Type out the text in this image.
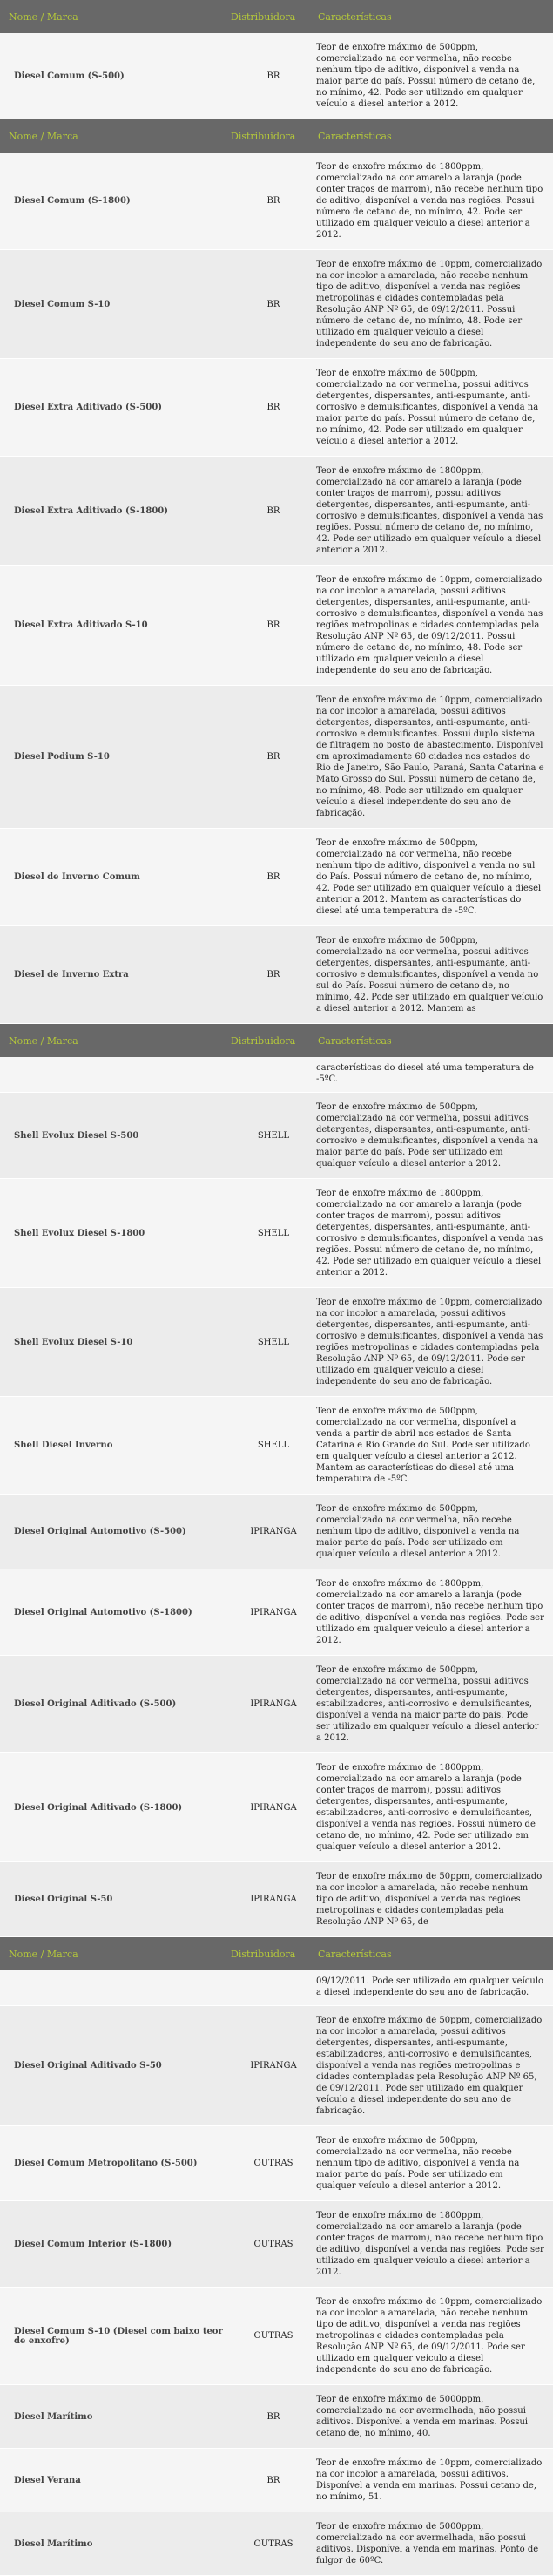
Nome / Marca	Distribuidora	Características
Diesel Comum (S-500)	BR
Teor de enxofre máximo de 500ppm, comercializado na cor vermelha, não recebe nenhum tipo de aditivo, disponível a venda na maior parte do país. Possui número de cetano de, no mínimo, 42. Pode ser utilizado em qualquer veículo a diesel anterior a 2012.
Nome / Marca	Distribuidora	Características
Diesel Comum (S-1800)	BR
Teor de enxofre máximo de 1800ppm, comercializado na cor amarelo a laranja (pode conter traços de marrom), não recebe nenhum tipo de aditivo, disponível a venda nas regiões. Possui número de cetano de, no mínimo, 42. Pode ser utilizado em qualquer veículo a diesel anterior a 2012.
Diesel Comum S-10	BR
Teor de enxofre máximo de 10ppm, comercializado na cor incolor a amarelada, não recebe nenhum tipo de aditivo, disponível a venda nas regiões metropolinas e cidades contempladas pela Resolução ANP Nº 65, de 09/12/2011. Possui número de cetano de, no mínimo, 48. Pode ser utilizado em qualquer veículo a diesel independente do seu ano de fabricação.
Diesel Extra Aditivado (S-500)	BR
Teor de enxofre máximo de 500ppm, comercializado na cor vermelha, possui aditivos detergentes, dispersantes, anti-espumante, anti-corrosivo e demulsificantes, disponível a venda na maior parte do país. Possui número de cetano de, no mínimo, 42. Pode ser utilizado em qualquer veículo a diesel anterior a 2012.
Diesel Extra Aditivado (S-1800)	BR
Teor de enxofre máximo de 1800ppm, comercializado na cor amarelo a laranja (pode conter traços de marrom), possui aditivos detergentes, dispersantes, anti-espumante, anti-corrosivo e demulsificantes, disponível a venda nas regiões. Possui número de cetano de, no mínimo, 42. Pode ser utilizado em qualquer veículo a diesel anterior a 2012.
Diesel Extra Aditivado S-10	BR
Teor de enxofre máximo de 10ppm, comercializado na cor incolor a amarelada, possui aditivos detergentes, dispersantes, anti-espumante, anti-corrosivo e demulsificantes, disponível a venda nas regiões metropolinas e cidades contempladas pela Resolução ANP Nº 65, de 09/12/2011. Possui número de cetano de, no mínimo, 48. Pode ser utilizado em qualquer veículo a diesel independente do seu ano de fabricação.
Diesel Podium S-10	BR
Teor de enxofre máximo de 10ppm, comercializado na cor incolor a amarelada, possui aditivos detergentes, dispersantes, anti-espumante, anti-corrosivo e demulsificantes. Possui duplo sistema de filtragem no posto de abastecimento. Disponível em aproximadamente 60 cidades nos estados do Rio de Janeiro, São Paulo, Paraná, Santa Catarina e Mato Grosso do Sul. Possui número de cetano de, no mínimo, 48. Pode ser utilizado em qualquer veículo a diesel independente do seu ano de fabricação.
Diesel de Inverno Comum	BR
Teor de enxofre máximo de 500ppm, comercializado na cor vermelha, não recebe nenhum tipo de aditivo, disponível a venda no sul do País. Possui número de cetano de, no mínimo, 42. Pode ser utilizado em qualquer veículo a diesel anterior a 2012. Mantem as características do diesel até uma temperatura de -5ºC.
Diesel de Inverno Extra	BR
Teor de enxofre máximo de 500ppm, comercializado na cor vermelha, possui aditivos detergentes, dispersantes, anti-espumante, anti-corrosivo e demulsificantes, disponível a venda no sul do País. Possui número de cetano de, no mínimo, 42. Pode ser utilizado em qualquer veículo a diesel anterior a 2012. Mantem as
Nome / Marca	Distribuidora	Características
características do diesel até uma temperatura de -5ºC.
Shell Evolux Diesel S-500	SHELL
Teor de enxofre máximo de 500ppm, comercializado na cor vermelha, possui aditivos detergentes, dispersantes, anti-espumante, anti-corrosivo e demulsificantes, disponível a venda na maior parte do país. Pode ser utilizado em qualquer veículo a diesel anterior a 2012.
Shell Evolux Diesel S-1800	SHELL
Teor de enxofre máximo de 1800ppm, comercializado na cor amarelo a laranja (pode conter traços de marrom), possui aditivos detergentes, dispersantes, anti-espumante, anti-corrosivo e demulsificantes, disponível a venda nas regiões. Possui número de cetano de, no mínimo, 42. Pode ser utilizado em qualquer veículo a diesel anterior a 2012.
Shell Evolux Diesel S-10	SHELL
Teor de enxofre máximo de 10ppm, comercializado na cor incolor a amarelada, possui aditivos detergentes, dispersantes, anti-espumante, anti-corrosivo e demulsificantes, disponível a venda nas regiões metropolinas e cidades contempladas pela Resolução ANP Nº 65, de 09/12/2011. Pode ser utilizado em qualquer veículo a diesel independente do seu ano de fabricação.
Shell Diesel Inverno	SHELL
Teor de enxofre máximo de 500ppm, comercializado na cor vermelha, disponível a venda a partir de abril nos estados de Santa Catarina e Rio Grande do Sul. Pode ser utilizado em qualquer veículo a diesel anterior a 2012. Mantem as características do diesel até uma temperatura de -5ºC.
Diesel Original Automotivo (S-500)	IPIRANGA
Teor de enxofre máximo de 500ppm, comercializado na cor vermelha, não recebe nenhum tipo de aditivo, disponível a venda na maior parte do país. Pode ser utilizado em qualquer veículo a diesel anterior a 2012.
Diesel Original Automotivo (S-1800)	IPIRANGA
Teor de enxofre máximo de 1800ppm, comercializado na cor amarelo a laranja (pode conter traços de marrom), não recebe nenhum tipo de aditivo, disponível a venda nas regiões. Pode ser utilizado em qualquer veículo a diesel anterior a 2012.
Diesel Original Aditivado (S-500)	IPIRANGA
Teor de enxofre máximo de 500ppm, comercializado na cor vermelha, possui aditivos detergentes, dispersantes, anti-espumante, estabilizadores, anti-corrosivo e demulsificantes, disponível a venda na maior parte do país. Pode ser utilizado em qualquer veículo a diesel anterior a 2012.
Diesel Original Aditivado (S-1800)	IPIRANGA
Teor de enxofre máximo de 1800ppm, comercializado na cor amarelo a laranja (pode conter traços de marrom), possui aditivos detergentes, dispersantes, anti-espumante, estabilizadores, anti-corrosivo e demulsificantes, disponível a venda nas regiões. Possui número de cetano de, no mínimo, 42. Pode ser utilizado em qualquer veículo a diesel anterior a 2012.
Diesel Original S-50	IPIRANGA
Teor de enxofre máximo de 50ppm, comercializado na cor incolor a amarelada, não recebe nenhum tipo de aditivo, disponível a venda nas regiões metropolinas e cidades contempladas pela Resolução ANP Nº 65, de
Nome / Marca	Distribuidora	Características
09/12/2011. Pode ser utilizado em qualquer veículo a diesel independente do seu ano de fabricação.
Diesel Original Aditivado S-50	IPIRANGA
Teor de enxofre máximo de 50ppm, comercializado na cor incolor a amarelada, possui aditivos detergentes, dispersantes, anti-espumante, estabilizadores, anti-corrosivo e demulsificantes, disponível a venda nas regiões metropolinas e cidades contempladas pela Resolução ANP Nº 65, de 09/12/2011. Pode ser utilizado em qualquer veículo a diesel independente do seu ano de fabricação.
Diesel Comum Metropolitano (S-500)	OUTRAS
Teor de enxofre máximo de 500ppm, comercializado na cor vermelha, não recebe nenhum tipo de aditivo, disponível a venda na maior parte do país. Pode ser utilizado em qualquer veículo a diesel anterior a 2012.
Diesel Comum Interior (S-1800)	OUTRAS
Teor de enxofre máximo de 1800ppm, comercializado na cor amarelo a laranja (pode conter traços de marrom), não recebe nenhum tipo de aditivo, disponível a venda nas regiões. Pode ser utilizado em qualquer veículo a diesel anterior a 2012.
Diesel Comum S-10 (Diesel com baixo teor de enxofre)	OUTRAS
Teor de enxofre máximo de 10ppm, comercializado na cor incolor a amarelada, não recebe nenhum tipo de aditivo, disponível a venda nas regiões metropolinas e cidades contempladas pela Resolução ANP Nº 65, de 09/12/2011. Pode ser utilizado em qualquer veículo a diesel independente do seu ano de fabricação.
Diesel Marítimo	BR
Teor de enxofre máximo de 5000ppm, comercializado na cor avermelhada, não possui aditivos. Disponível a venda em marinas. Possui cetano de, no mínimo, 40.
Diesel Verana	BR
Teor de enxofre máximo de 10ppm, comercializado na cor incolor a amarelada, possui aditivos. Disponível a venda em marinas. Possui cetano de, no mínimo, 51.
Diesel Marítimo	OUTRAS
Teor de enxofre máximo de 5000ppm, comercializado na cor avermelhada, não possui aditivos. Disponível a venda em marinas. Ponto de fulgor de 60ºC.
